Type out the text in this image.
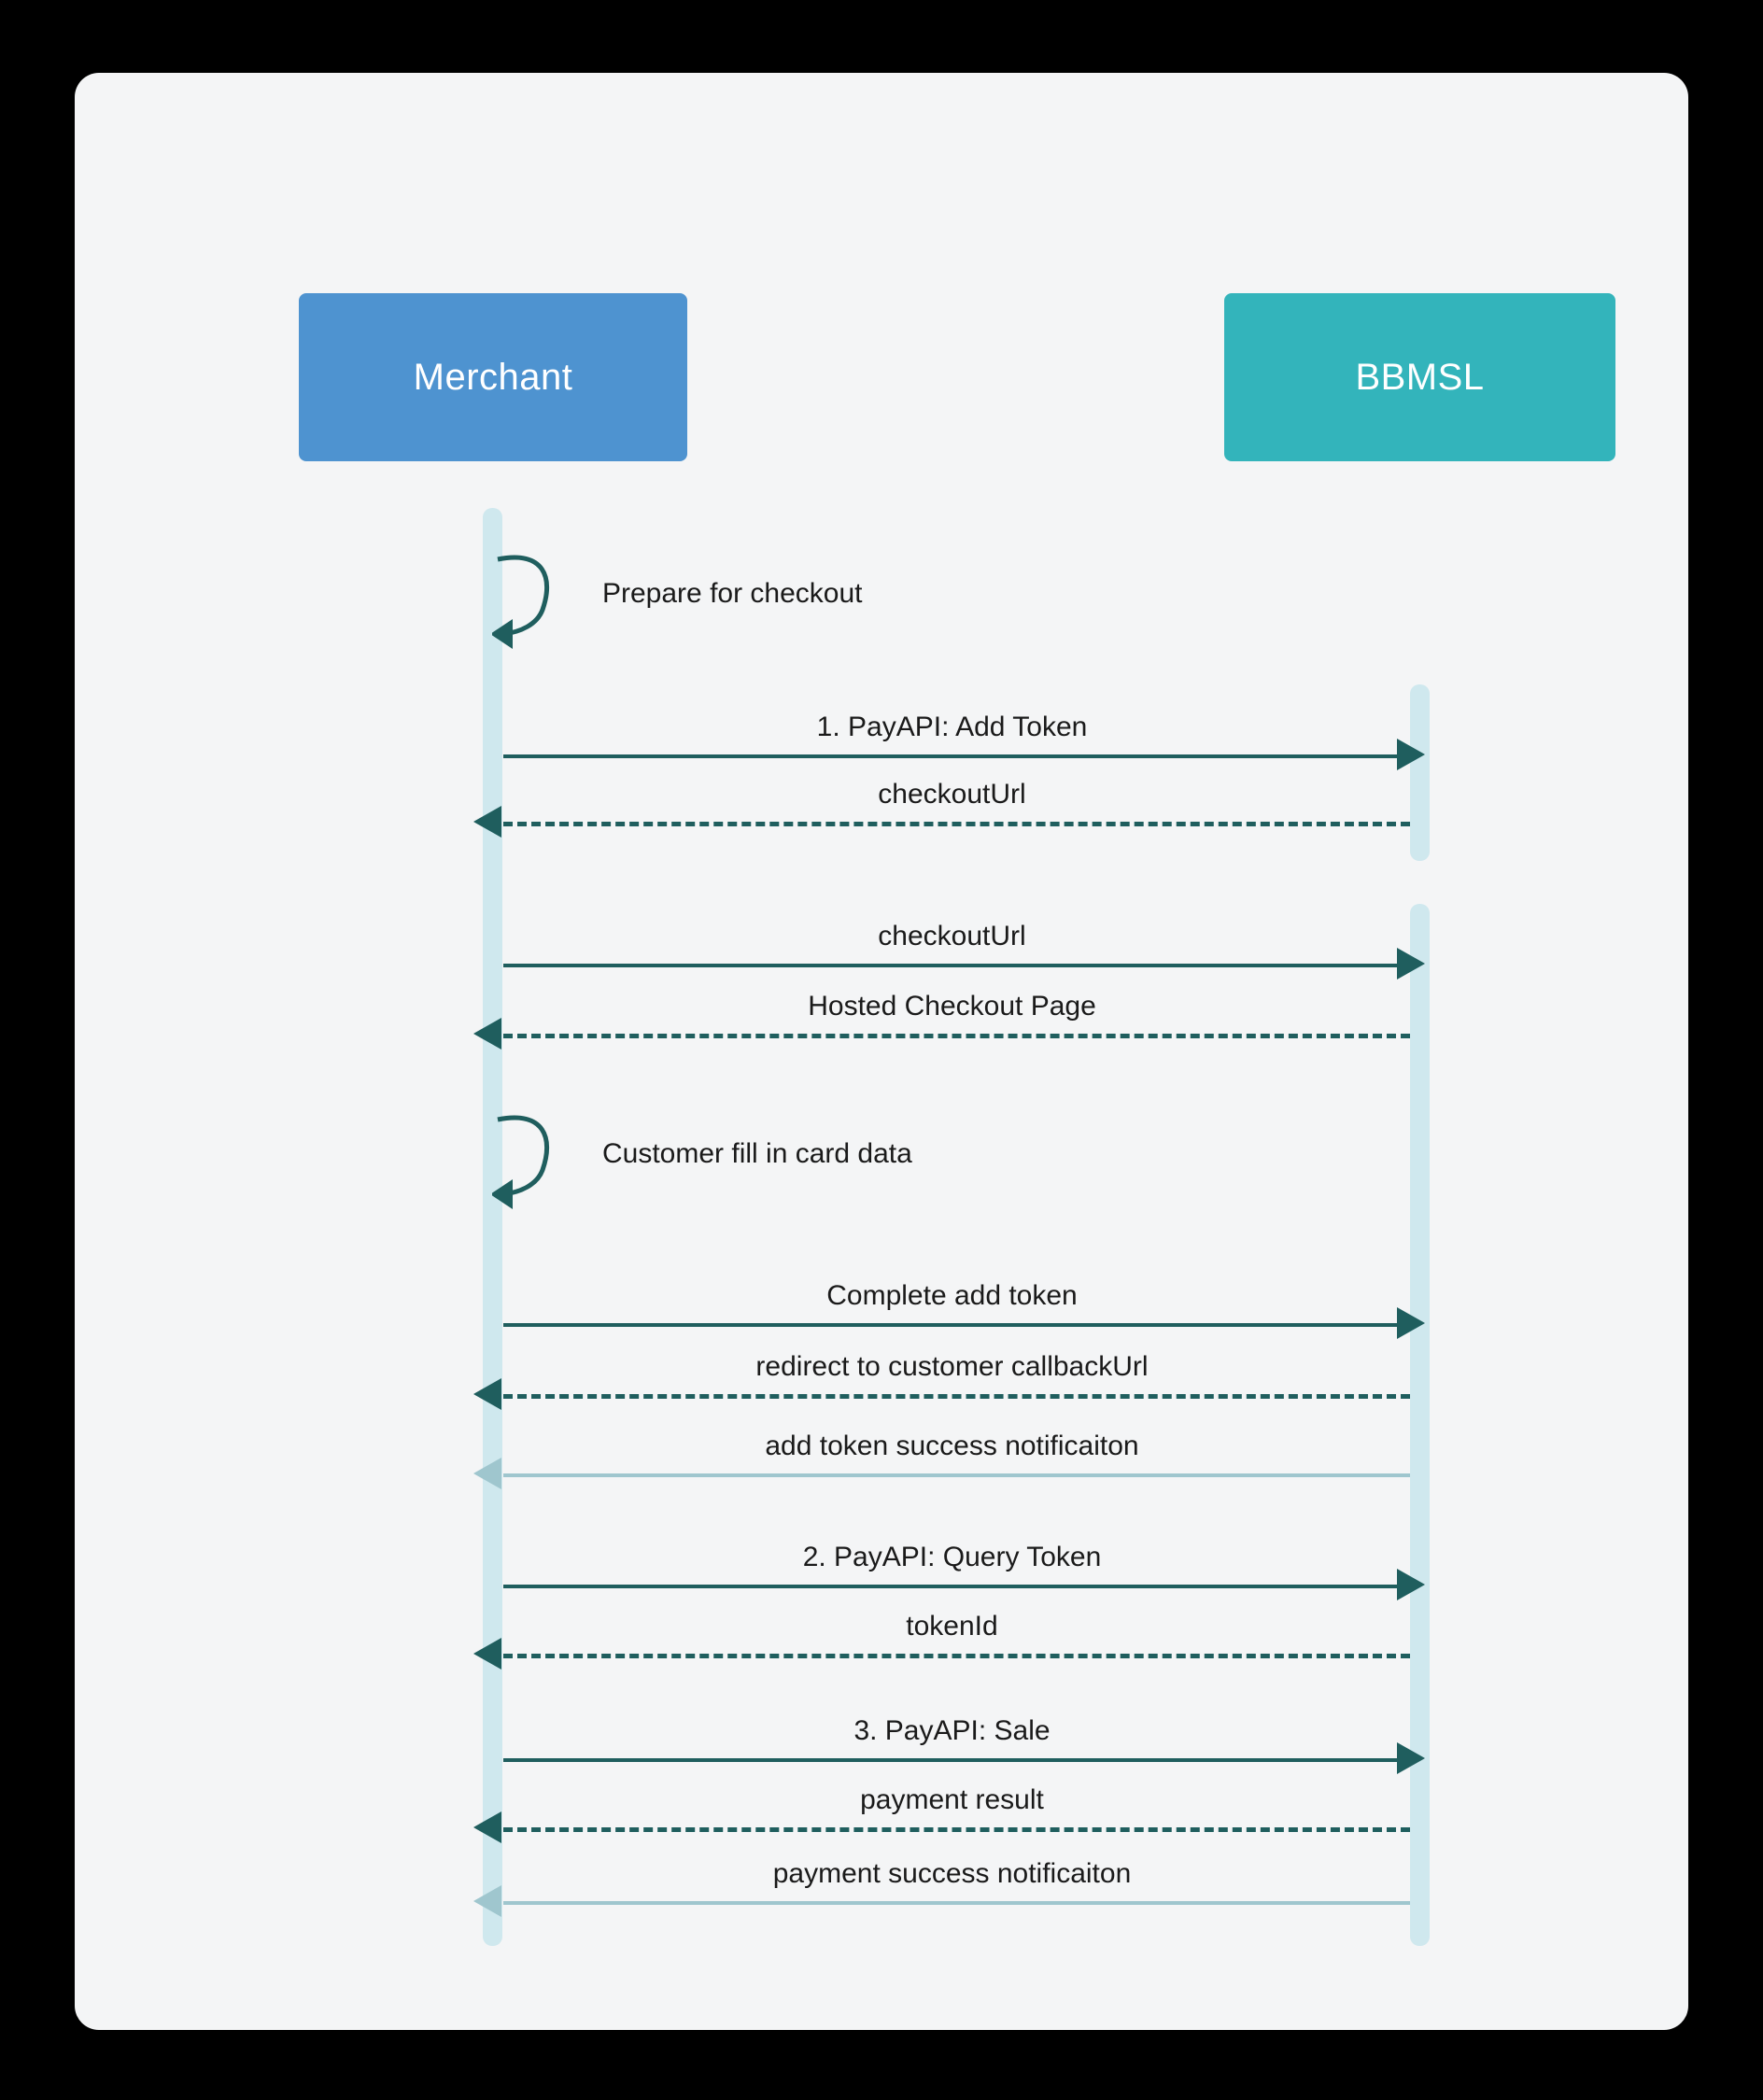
Merchant	BBMSL
Prepare for checkout
1. PayAPI: Add Token
checkoutUrl
checkoutUrl
Hosted Checkout Page
Customer fill in card data
Complete add token
redirect to customer callbackUrl
add token success notificaiton
2. PayAPI: Query Token
tokenId
3. PayAPI: Sale
payment result
payment success notificaiton
